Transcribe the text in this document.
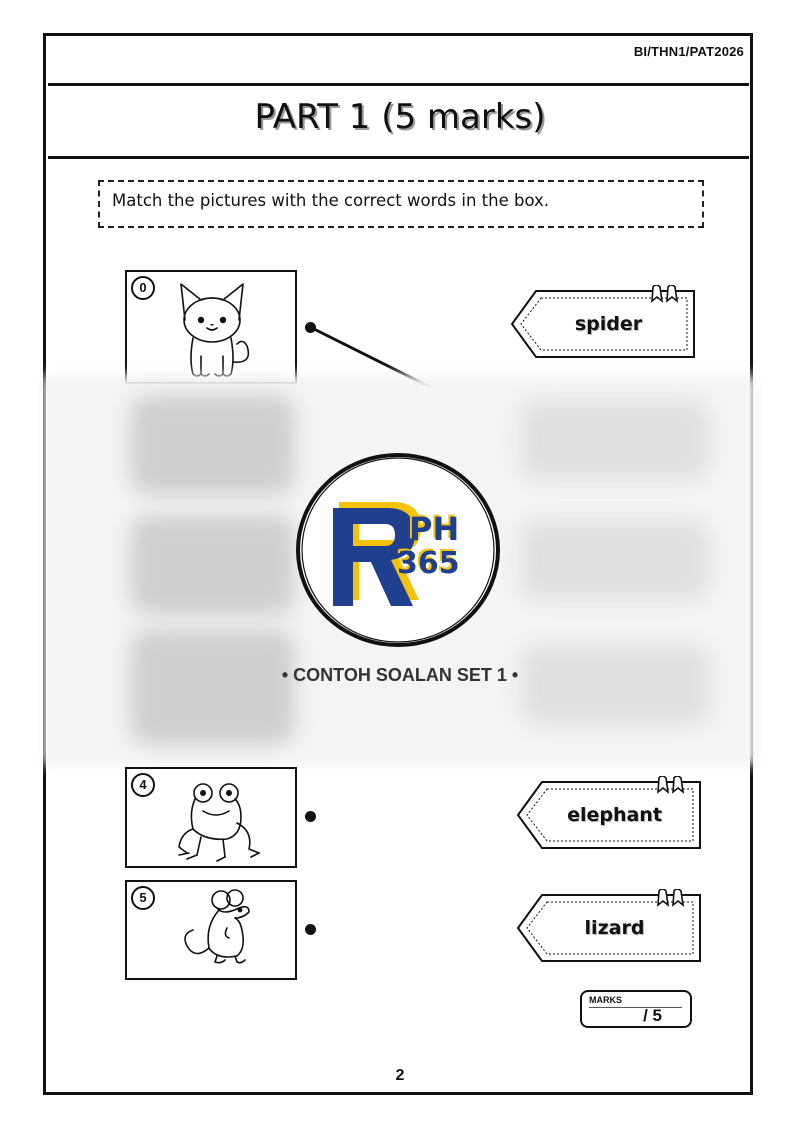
BI/THN1/PAT2026
PART 1 (5 marks)
Match the pictures with the correct words in the box.
0
spider
PH
365
• CONTOH SOALAN SET 1 •
4
elephant
5
lizard
MARKS
/ 5
2
